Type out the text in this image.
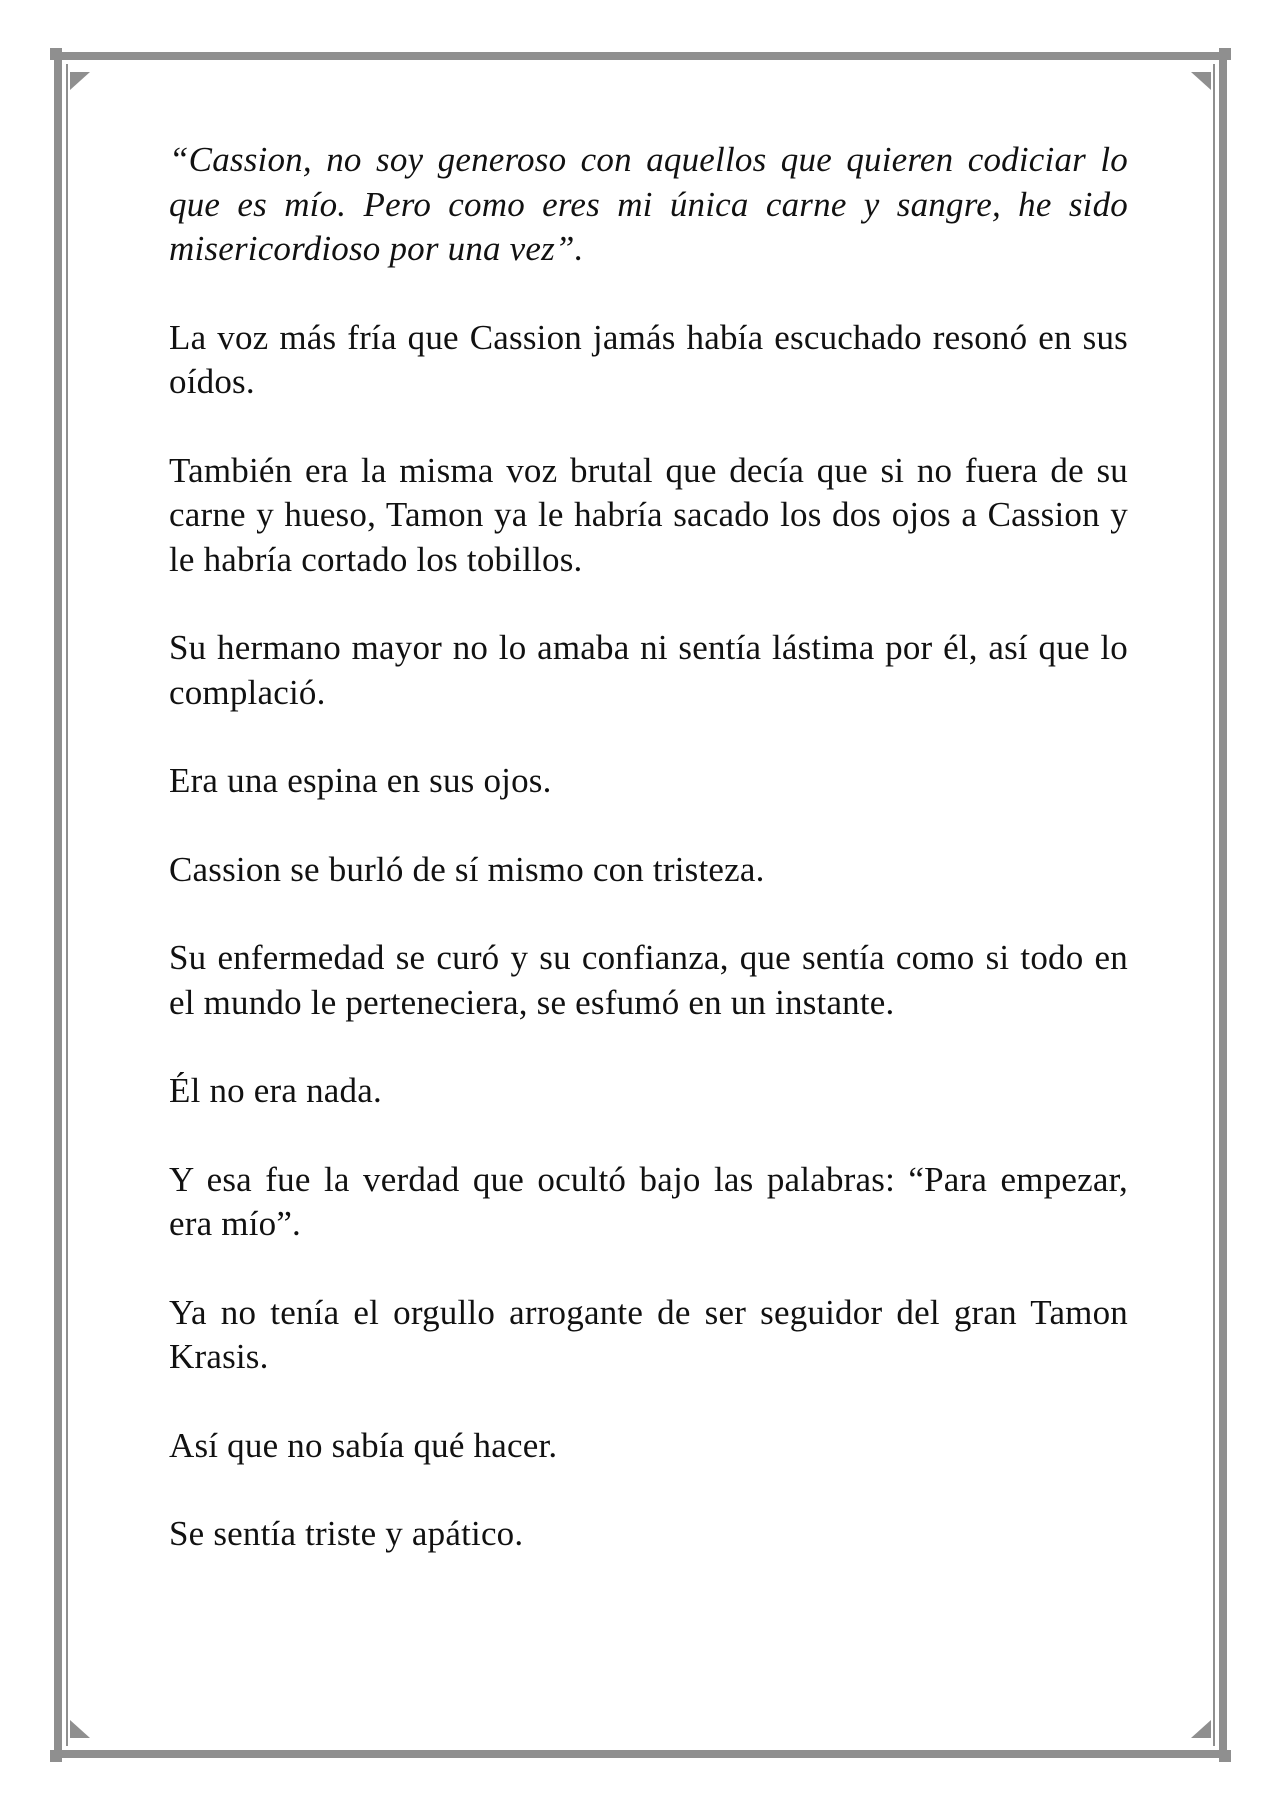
“Cassion, no soy generoso con aquellos que quieren codiciar lo que es mío. Pero como eres mi única carne y sangre, he sido misericordioso por una vez”.

La voz más fría que Cassion jamás había escuchado resonó en sus oídos.

También era la misma voz brutal que decía que si no fuera de su carne y hueso, Tamon ya le habría sacado los dos ojos a Cassion y le habría cortado los tobillos.

Su hermano mayor no lo amaba ni sentía lástima por él, así que lo complació.

Era una espina en sus ojos.

Cassion se burló de sí mismo con tristeza.

Su enfermedad se curó y su confianza, que sentía como si todo en el mundo le perteneciera, se esfumó en un instante.

Él no era nada.

Y esa fue la verdad que ocultó bajo las palabras: “Para empezar, era mío”.

Ya no tenía el orgullo arrogante de ser seguidor del gran Tamon Krasis.

Así que no sabía qué hacer.

Se sentía triste y apático.
